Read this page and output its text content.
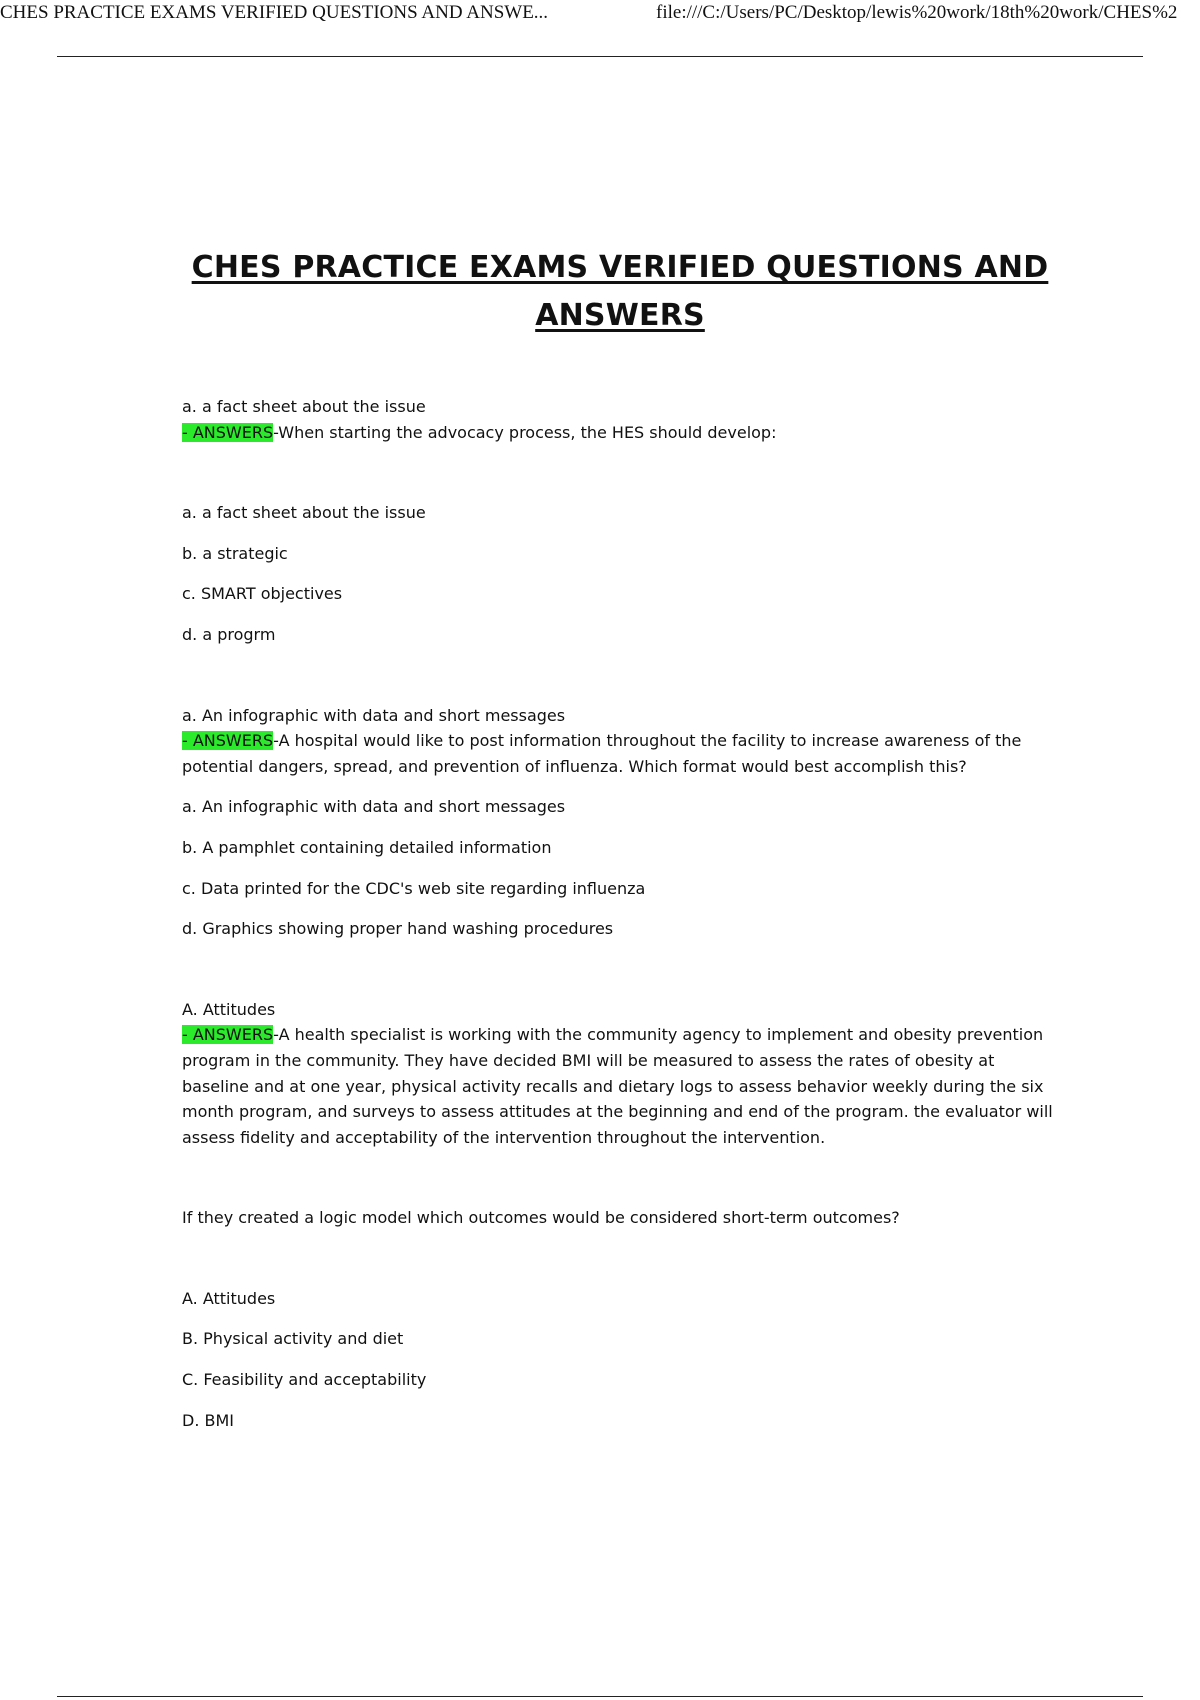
CHES PRACTICE EXAMS VERIFIED QUESTIONS AND ANSWE...	file:///C:/Users/PC/Desktop/lewis%20work/18th%20work/CHES%2
CHES PRACTICE EXAMS VERIFIED QUESTIONS AND ANSWERS

a. a fact sheet about the issue

- ANSWERS-When starting the advocacy process, the HES should develop:

a. a fact sheet about the issue

b. a strategic

c. SMART objectives

d. a progrm

a. An infographic with data and short messages

- ANSWERS-A hospital would like to post information throughout the facility to increase awareness of the potential dangers, spread, and prevention of influenza. Which format would best accomplish this?

a. An infographic with data and short messages

b. A pamphlet containing detailed information

c. Data printed for the CDC's web site regarding influenza

d. Graphics showing proper hand washing procedures

A. Attitudes

- ANSWERS-A health specialist is working with the community agency to implement and obesity prevention program in the community. They have decided BMI will be measured to assess the rates of obesity at baseline and at one year, physical activity recalls and dietary logs to assess behavior weekly during the six month program, and surveys to assess attitudes at the beginning and end of the program. the evaluator will assess fidelity and acceptability of the intervention throughout the intervention.

If they created a logic model which outcomes would be considered short-term outcomes?

A. Attitudes

B. Physical activity and diet

C. Feasibility and acceptability

D. BMI
